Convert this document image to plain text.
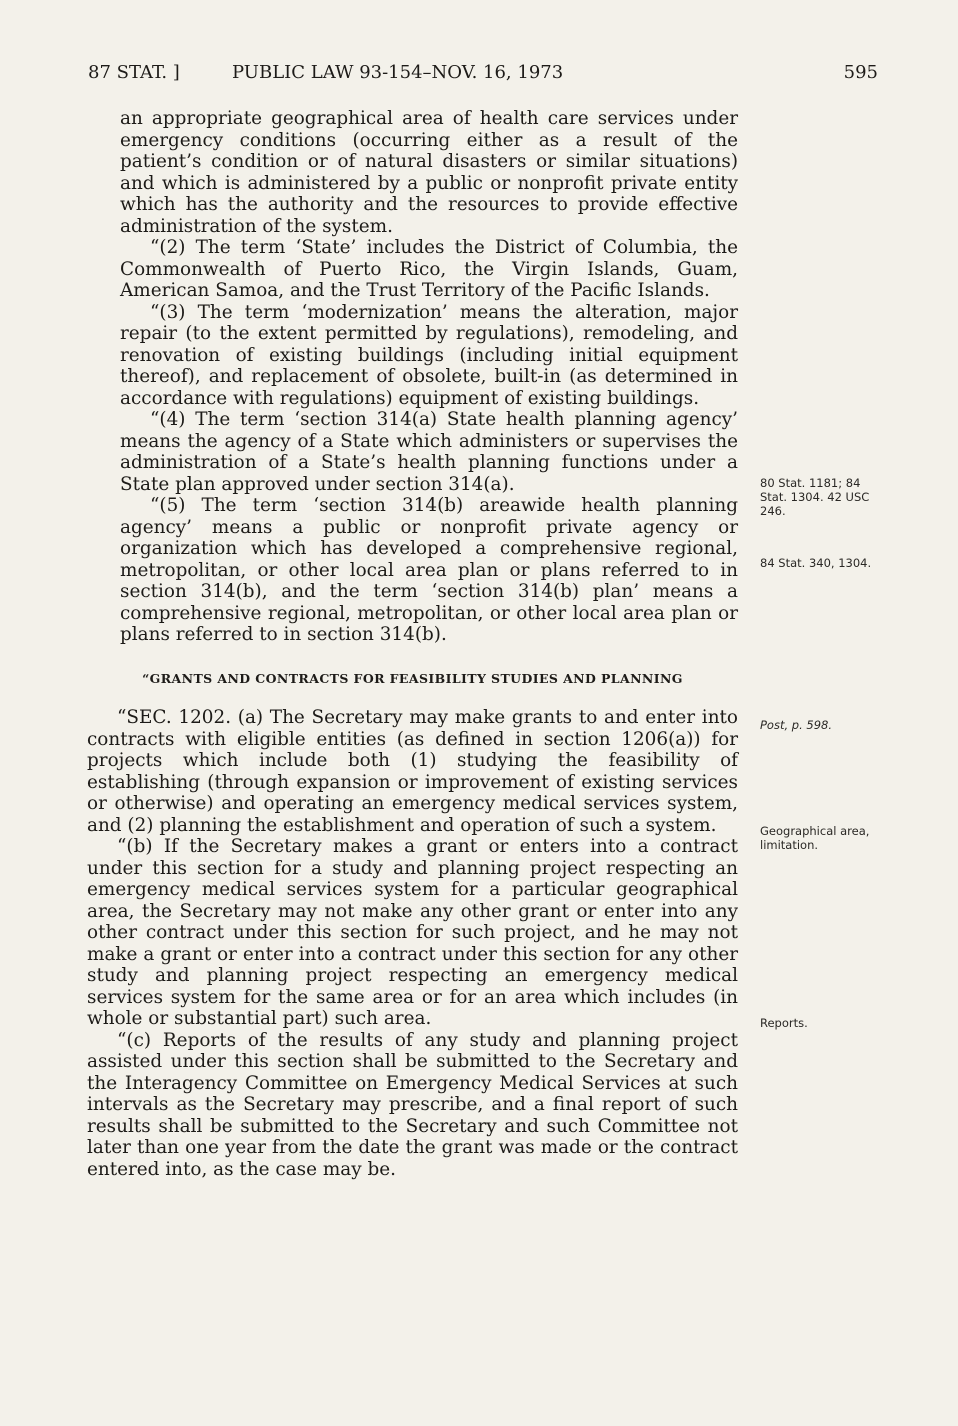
87 STAT. ]	PUBLIC LAW 93-154–NOV. 16, 1973	595

an appropriate geographical area of health care services under emergency conditions (occurring either as a result of the patient’s condition or of natural disasters or similar situations) and which is administered by a public or nonprofit private entity which has the authority and the resources to provide effective administration of the system.

“(2) The term ‘State’ includes the District of Columbia, the Commonwealth of Puerto Rico, the Virgin Islands, Guam, American Samoa, and the Trust Territory of the Pacific Islands.

“(3) The term ‘modernization’ means the alteration, major repair (to the extent permitted by regulations), remodeling, and renovation of existing buildings (including initial equipment thereof), and replacement of obsolete, built-in (as determined in accordance with regulations) equipment of existing buildings.

“(4) The term ‘section 314(a) State health planning agency’ means the agency of a State which administers or supervises the administration of a State’s health planning functions under a State plan approved under section 314(a).

“(5) The term ‘section 314(b) areawide health planning agency’ means a public or nonprofit private agency or organization which has developed a comprehensive regional, metropolitan, or other local area plan or plans referred to in section 314(b), and the term ‘section 314(b) plan’ means a comprehensive regional, metropolitan, or other local area plan or plans referred to in section 314(b).

“GRANTS AND CONTRACTS FOR FEASIBILITY STUDIES AND PLANNING

“SEC. 1202. (a) The Secretary may make grants to and enter into contracts with eligible entities (as defined in section 1206(a)) for projects which include both (1) studying the feasibility of establishing (through expansion or improvement of existing services or otherwise) and operating an emergency medical services system, and (2) planning the establishment and operation of such a system.

“(b) If the Secretary makes a grant or enters into a contract under this section for a study and planning project respecting an emergency medical services system for a particular geographical area, the Secretary may not make any other grant or enter into any other contract under this section for such project, and he may not make a grant or enter into a contract under this section for any other study and planning project respecting an emergency medical services system for the same area or for an area which includes (in whole or substantial part) such area.

“(c) Reports of the results of any study and planning project assisted under this section shall be submitted to the Secretary and the Interagency Committee on Emergency Medical Services at such intervals as the Secretary may prescribe, and a final report of such results shall be submitted to the Secretary and such Committee not later than one year from the date the grant was made or the contract entered into, as the case may be.

80 Stat. 1181; 84 Stat. 1304. 42 USC 246.
84 Stat. 340, 1304.
Post, p. 598.
Geographical area, limitation.
Reports.
